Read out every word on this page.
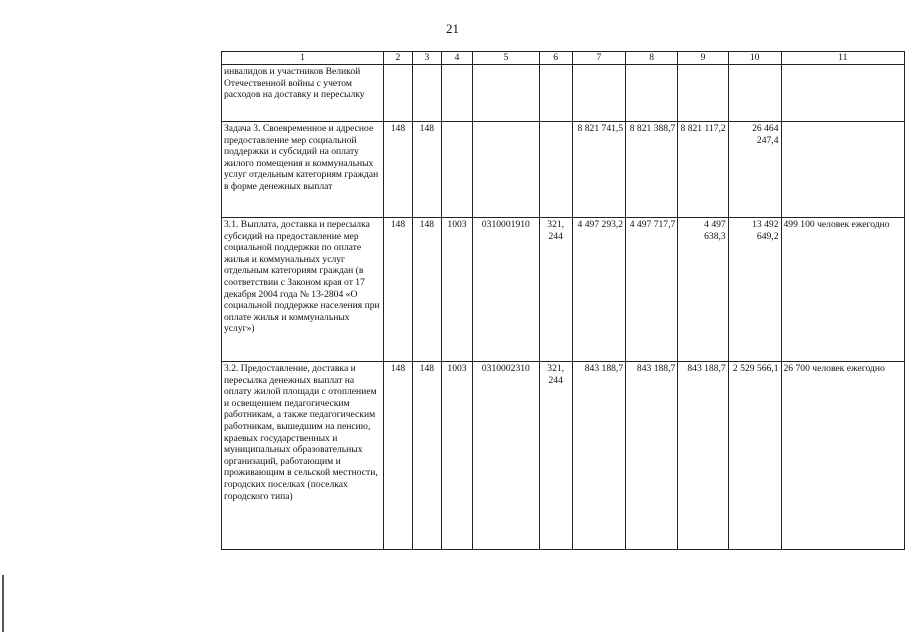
21
1	2	3	4	5	6	7	8	9	10	11
инвалидов и участников Великой Отечественной войны с учетом расходов на доставку и пересылку										
Задача 3. Своевременное и адресное предоставление мер социальной поддержки и субсидий на оплату жилого помещения и коммунальных услуг отдельным категориям граждан в форме денежных выплат	148	148				8 821 741,5	8 821 388,7	8 821 117,2	26 464 247,4	
3.1. Выплата, доставка и пересылка субсидий на предоставление мер социальной поддержки по оплате жилья и коммунальных услуг отдельным категориям граждан (в соответствии с Законом края от 17 декабря 2004 года № 13-2804 «О социальной поддержке населения при оплате жилья и коммунальных услуг»)	148	148	1003	0310001910	321, 244	4 497 293,2	4 497 717,7	4 497 638,3	13 492 649,2	499 100 человек ежегодно
3.2. Предоставление, доставка и пересылка денежных выплат на оплату жилой площади с отоплением и освещением педагогическим работникам, а также педагогическим работникам, вышедшим на пенсию, краевых государственных и муниципальных образовательных организаций, работающим и проживающим в сельской местности, городских поселках (поселках городского типа)	148	148	1003	0310002310	321, 244	843 188,7	843 188,7	843 188,7	2 529 566,1	26 700 человек ежегодно
